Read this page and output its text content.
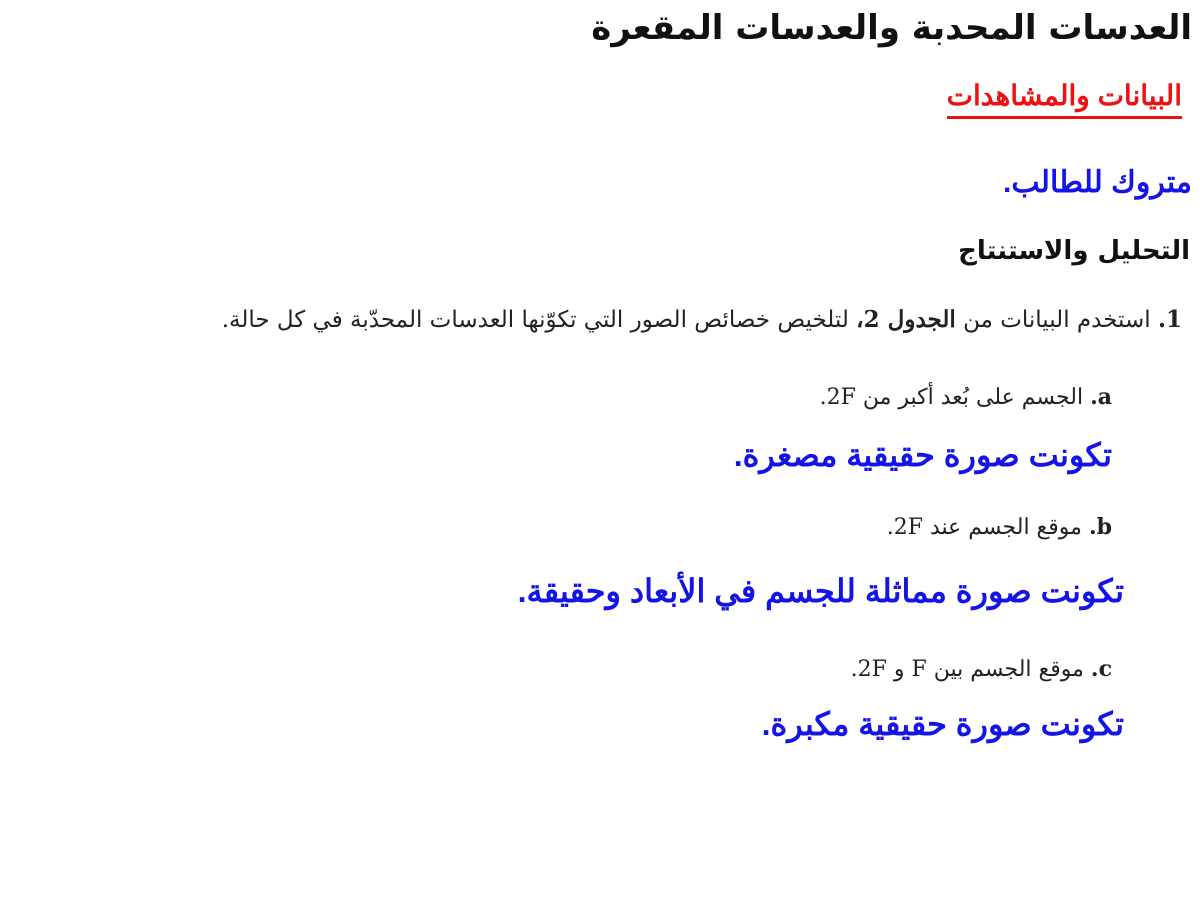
العدسات المحدبة والعدسات المقعرة
البيانات والمشاهدات
متروك للطالب.
التحليل والاستنتاج
1. استخدم البيانات من الجدول 2، لتلخيص خصائص الصور التي تكوّنها العدسات المحدّبة في كل حالة.
a. الجسم على بُعد أكبر من 2F.
تكونت صورة حقيقية مصغرة.
b. موقع الجسم عند 2F.
تكونت صورة مماثلة للجسم في الأبعاد وحقيقة.
c. موقع الجسم بين F و 2F.
تكونت صورة حقيقية مكبرة.
